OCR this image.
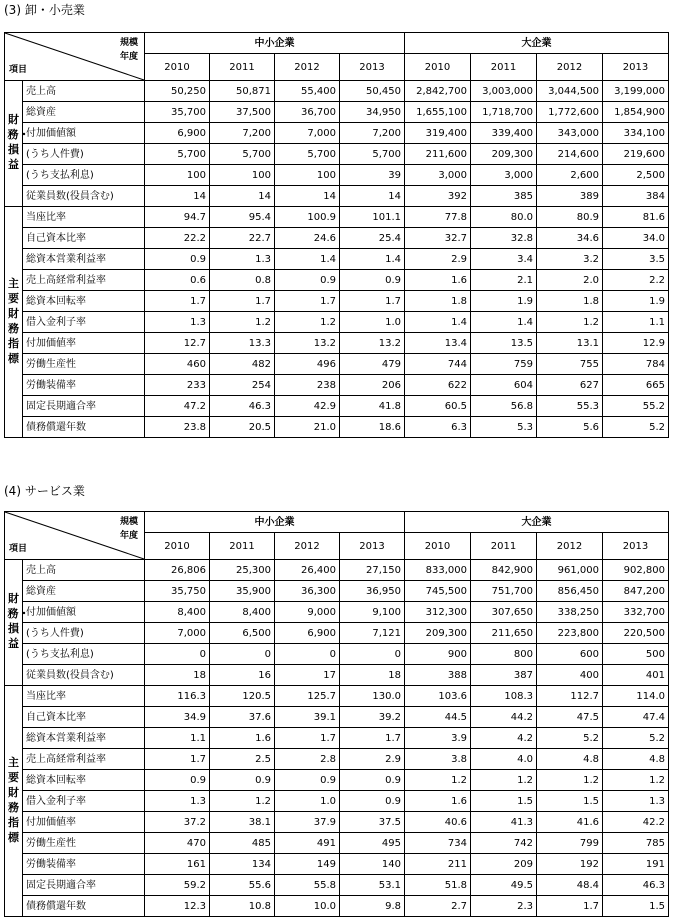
(3) 卸・小売業
規模
年度
項目		中小企業				大企業			
		2010	2011	2012	2013	2010	2011	2012	2013
財務・損益	売上高	50,250	50,871	55,400	50,450	2,842,700	3,003,000	3,044,500	3,199,000
	総資産	35,700	37,500	36,700	34,950	1,655,100	1,718,700	1,772,600	1,854,900
	付加価値額	6,900	7,200	7,000	7,200	319,400	339,400	343,000	334,100
	(うち人件費)	5,700	5,700	5,700	5,700	211,600	209,300	214,600	219,600
	(うち支払利息)	100	100	100	39	3,000	3,000	2,600	2,500
	従業員数(役員含む)	14	14	14	14	392	385	389	384
主要財務指標	当座比率	94.7	95.4	100.9	101.1	77.8	80.0	80.9	81.6
	自己資本比率	22.2	22.7	24.6	25.4	32.7	32.8	34.6	34.0
	総資本営業利益率	0.9	1.3	1.4	1.4	2.9	3.4	3.2	3.5
	売上高経常利益率	0.6	0.8	0.9	0.9	1.6	2.1	2.0	2.2
	総資本回転率	1.7	1.7	1.7	1.7	1.8	1.9	1.8	1.9
	借入金利子率	1.3	1.2	1.2	1.0	1.4	1.4	1.2	1.1
	付加価値率	12.7	13.3	13.2	13.2	13.4	13.5	13.1	12.9
	労働生産性	460	482	496	479	744	759	755	784
	労働装備率	233	254	238	206	622	604	627	665
	固定長期適合率	47.2	46.3	42.9	41.8	60.5	56.8	55.3	55.2
	債務償還年数	23.8	20.5	21.0	18.6	6.3	5.3	5.6	5.2
(4) サービス業
規模
年度
項目		中小企業				大企業			
		2010	2011	2012	2013	2010	2011	2012	2013
財務・損益	売上高	26,806	25,300	26,400	27,150	833,000	842,900	961,000	902,800
	総資産	35,750	35,900	36,300	36,950	745,500	751,700	856,450	847,200
	付加価値額	8,400	8,400	9,000	9,100	312,300	307,650	338,250	332,700
	(うち人件費)	7,000	6,500	6,900	7,121	209,300	211,650	223,800	220,500
	(うち支払利息)	0	0	0	0	900	800	600	500
	従業員数(役員含む)	18	16	17	18	388	387	400	401
主要財務指標	当座比率	116.3	120.5	125.7	130.0	103.6	108.3	112.7	114.0
	自己資本比率	34.9	37.6	39.1	39.2	44.5	44.2	47.5	47.4
	総資本営業利益率	1.1	1.6	1.7	1.7	3.9	4.2	5.2	5.2
	売上高経常利益率	1.7	2.5	2.8	2.9	3.8	4.0	4.8	4.8
	総資本回転率	0.9	0.9	0.9	0.9	1.2	1.2	1.2	1.2
	借入金利子率	1.3	1.2	1.0	0.9	1.6	1.5	1.5	1.3
	付加価値率	37.2	38.1	37.9	37.5	40.6	41.3	41.6	42.2
	労働生産性	470	485	491	495	734	742	799	785
	労働装備率	161	134	149	140	211	209	192	191
	固定長期適合率	59.2	55.6	55.8	53.1	51.8	49.5	48.4	46.3
	債務償還年数	12.3	10.8	10.0	9.8	2.7	2.3	1.7	1.5
